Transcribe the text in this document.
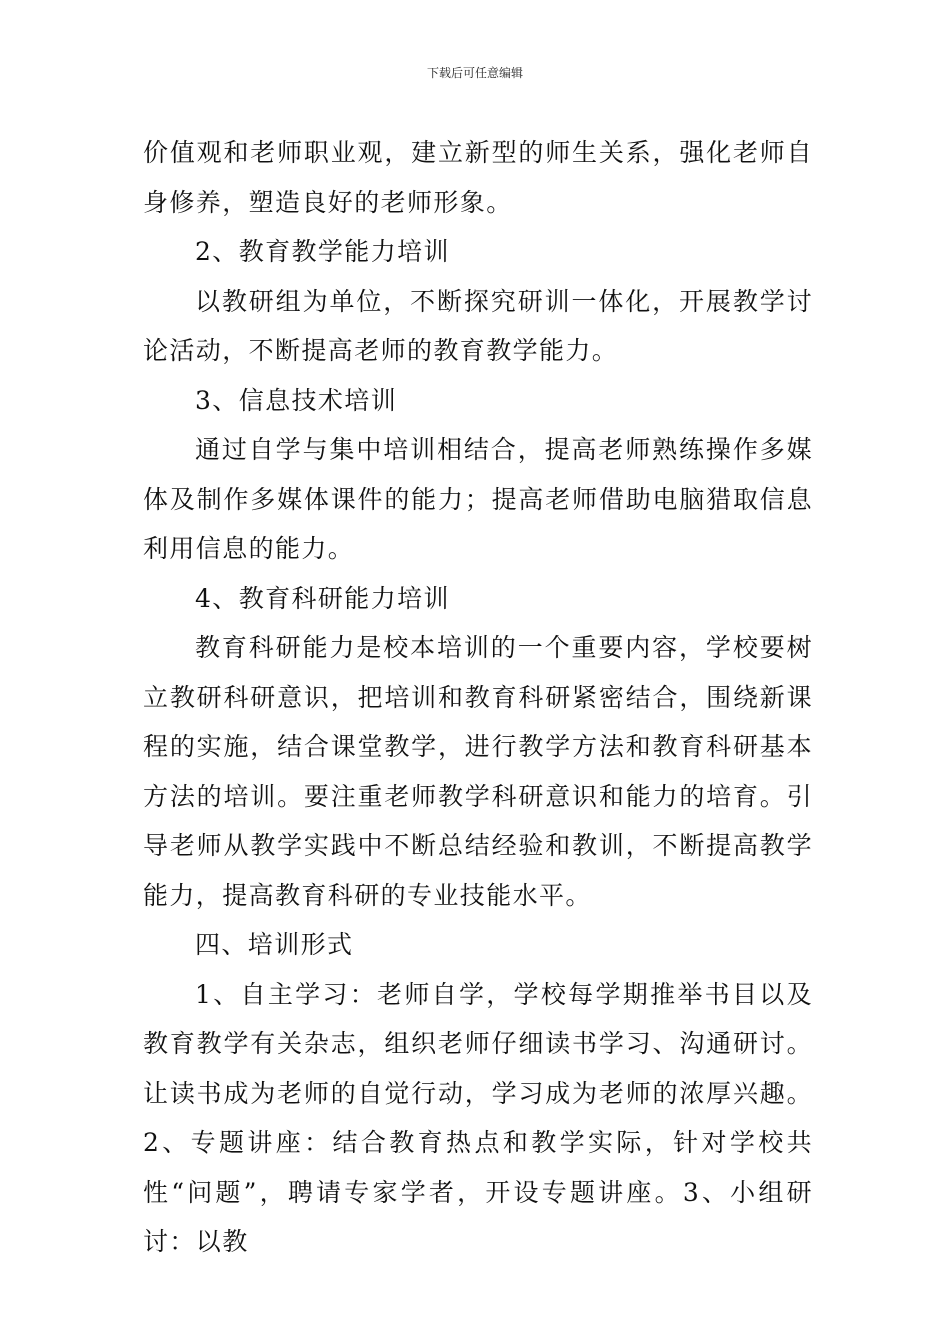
下载后可任意编辑

价值观和老师职业观，建立新型的师生关系，强化老师自身修养，塑造良好的老师形象。

2、教育教学能力培训

以教研组为单位，不断探究研训一体化，开展教学讨论活动，不断提高老师的教育教学能力。

3、信息技术培训

通过自学与集中培训相结合，提高老师熟练操作多媒体及制作多媒体课件的能力；提高老师借助电脑猎取信息利用信息的能力。

4、教育科研能力培训

教育科研能力是校本培训的一个重要内容，学校要树立教研科研意识，把培训和教育科研紧密结合，围绕新课程的实施，结合课堂教学，进行教学方法和教育科研基本方法的培训。要注重老师教学科研意识和能力的培育。引导老师从教学实践中不断总结经验和教训，不断提高教学能力，提高教育科研的专业技能水平。

四、培训形式

1、自主学习：老师自学，学校每学期推举书目以及教育教学有关杂志，组织老师仔细读书学习、沟通研讨。让读书成为老师的自觉行动，学习成为老师的浓厚兴趣。2、专题讲座：结合教育热点和教学实际，针对学校共性“问题”，聘请专家学者，开设专题讲座。3、小组研讨：以教
